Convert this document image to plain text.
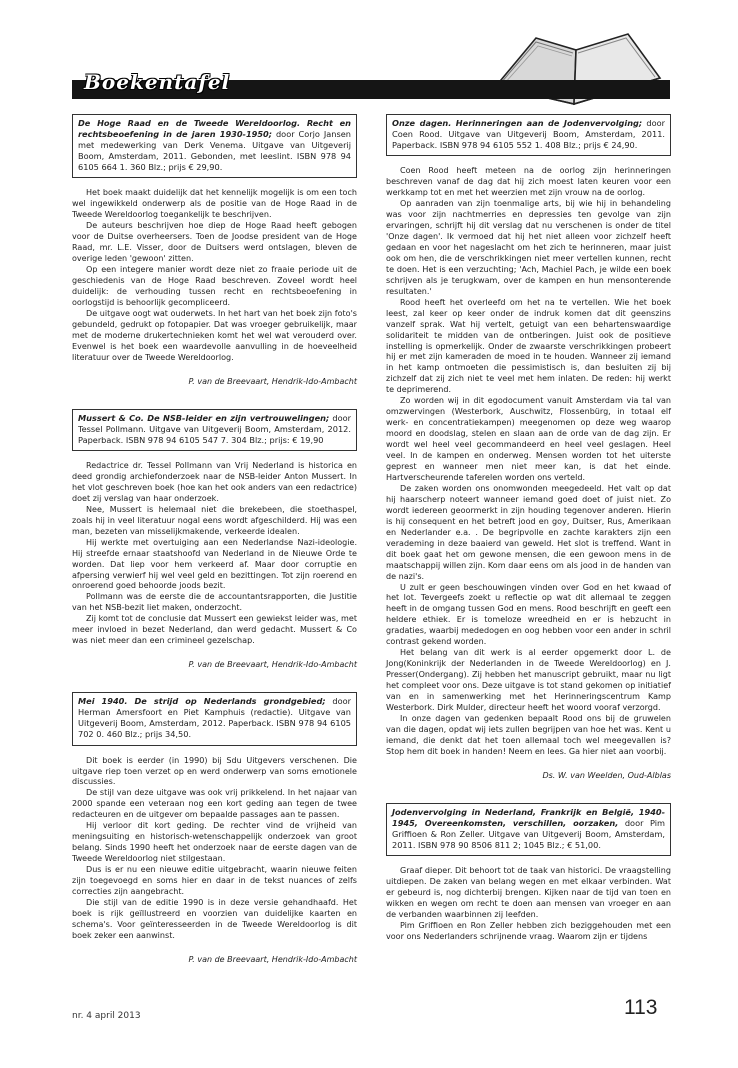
Boekentafel
De Hoge Raad en de Tweede Wereldoorlog. Recht en rechtsbeoefening in de jaren 1930-1950; door Corjo Jansen met medewerking van Derk Venema. Uitgave van Uitgeverij Boom, Amsterdam, 2011. Gebonden, met leeslint. ISBN 978 94 6105 664 1. 360 Blz.; prijs € 29,90.

Het boek maakt duidelijk dat het kennelijk mogelijk is om een toch wel ingewikkeld onderwerp als de positie van de Hoge Raad in de Tweede Wereldoorlog toegankelijk te beschrijven.

De auteurs beschrijven hoe diep de Hoge Raad heeft gebogen voor de Duitse overheersers. Toen de Joodse president van de Hoge Raad, mr. L.E. Visser, door de Duitsers werd ontslagen, bleven de overige leden 'gewoon' zitten.

Op een integere manier wordt deze niet zo fraaie periode uit de geschiedenis van de Hoge Raad beschreven. Zoveel wordt heel duidelijk: de verhouding tussen recht en rechtsbeoefening in oorlogstijd is behoorlijk gecompliceerd.

De uitgave oogt wat ouderwets. In het hart van het boek zijn foto's gebundeld, gedrukt op fotopapier. Dat was vroeger gebruikelijk, maar met de moderne drukertechnieken komt het wel wat verouderd over. Evenwel is het boek een waardevolle aanvulling in de hoeveelheid literatuur over de Tweede Wereldoorlog.

P. van de Breevaart, Hendrik-Ido-Ambacht
Mussert & Co. De NSB-leider en zijn vertrouwelingen; door Tessel Pollmann. Uitgave van Uitgeverij Boom, Amsterdam, 2012. Paperback. ISBN 978 94 6105 547 7. 304 Blz.; prijs: € 19,90

Redactrice dr. Tessel Pollmann van Vrij Nederland is historica en deed grondig archiefonderzoek naar de NSB-leider Anton Mussert. In het vlot geschreven boek (hoe kan het ook anders van een redactrice) doet zij verslag van haar onderzoek.

Nee, Mussert is helemaal niet die brekebeen, die stoethaspel, zoals hij in veel literatuur nogal eens wordt afgeschilderd. Hij was een man, bezeten van misselijkmakende, verkeerde idealen.

Hij werkte met overtuiging aan een Nederlandse Nazi-ideologie. Hij streefde ernaar staatshoofd van Nederland in de Nieuwe Orde te worden. Dat liep voor hem verkeerd af. Maar door corruptie en afpersing verwierf hij wel veel geld en bezittingen. Tot zijn roerend en onroerend goed behoorde joods bezit.

Pollmann was de eerste die de accountantsrapporten, die Justitie van het NSB-bezit liet maken, onderzocht.

Zij komt tot de conclusie dat Mussert een gewiekst leider was, met meer invloed in bezet Nederland, dan werd gedacht. Mussert & Co was niet meer dan een crimineel gezelschap.

P. van de Breevaart, Hendrik-Ido-Ambacht
Mei 1940. De strijd op Nederlands grondgebied; door Herman Amersfoort en Piet Kamphuis (redactie). Uitgave van Uitgeverij Boom, Amsterdam, 2012. Paperback. ISBN 978 94 6105 702 0. 460 Blz.; prijs 34,50.

Dit boek is eerder (in 1990) bij Sdu Uitgevers verschenen. Die uitgave riep toen verzet op en werd onderwerp van soms emotionele discussies.

De stijl van deze uitgave was ook vrij prikkelend. In het najaar van 2000 spande een veteraan nog een kort geding aan tegen de twee redacteuren en de uitgever om bepaalde passages aan te passen.

Hij verloor dit kort geding. De rechter vind de vrijheid van meningsuiting en historisch-wetenschappelijk onderzoek van groot belang. Sinds 1990 heeft het onderzoek naar de eerste dagen van de Tweede Wereldoorlog niet stilgestaan.

Dus is er nu een nieuwe editie uitgebracht, waarin nieuwe feiten zijn toegevoegd en soms hier en daar in de tekst nuances of zelfs correcties zijn aangebracht.

Die stijl van de editie 1990 is in deze versie gehandhaafd. Het boek is rijk geïllustreerd en voorzien van duidelijke kaarten en schema's. Voor geïnteresseerden in de Tweede Wereldoorlog is dit boek zeker een aanwinst.

P. van de Breevaart, Hendrik-Ido-Ambacht
Onze dagen. Herinneringen aan de Jodenvervolging; door Coen Rood. Uitgave van Uitgeverij Boom, Amsterdam, 2011. Paperback. ISBN 978 94 6105 552 1. 408 Blz.; prijs € 24,90.

Coen Rood heeft meteen na de oorlog zijn herinneringen beschreven vanaf de dag dat hij zich moest laten keuren voor een werkkamp tot en met het weerzien met zijn vrouw na de oorlog.

Op aanraden van zijn toenmalige arts, bij wie hij in behandeling was voor zijn nachtmerries en depressies ten gevolge van zijn ervaringen, schrijft hij dit verslag dat nu verschenen is onder de titel 'Onze dagen'. Ik vermoed dat hij het niet alleen voor zichzelf heeft gedaan en voor het nageslacht om het zich te herinneren, maar juist ook om hen, die de verschrikkingen niet meer vertellen kunnen, recht te doen. Het is een verzuchting; 'Ach, Machiel Pach, je wilde een boek schrijven als je terugkwam, over de kampen en hun mensonterende resultaten.'

Rood heeft het overleefd om het na te vertellen. Wie het boek leest, zal keer op keer onder de indruk komen dat dit geenszins vanzelf sprak. Wat hij vertelt, getuigt van een behartenswaardige solidariteit te midden van de ontberingen. Juist ook de positieve instelling is opmerkelijk. Onder de zwaarste verschrikkingen probeert hij er met zijn kameraden de moed in te houden. Wanneer zij iemand in het kamp ontmoeten die pessimistisch is, dan besluiten zij bij zichzelf dat zij zich niet te veel met hem inlaten. De reden: hij werkt te deprimerend.

Zo worden wij in dit egodocument vanuit Amsterdam via tal van omzwervingen (Westerbork, Auschwitz, Flossenbürg, in totaal elf werk- en concentratiekampen) meegenomen op deze weg waarop moord en doodslag, stelen en slaan aan de orde van de dag zijn. Er wordt wel heel veel gecommandeerd en heel veel geslagen. Heel veel. In de kampen en onderweg. Mensen worden tot het uiterste geprest en wanneer men niet meer kan, is dat het einde. Hartverscheurende taferelen worden ons verteld.

De zaken worden ons onomwonden meegedeeld. Het valt op dat hij haarscherp noteert wanneer iemand goed doet of juist niet. Zo wordt iedereen geoormerkt in zijn houding tegenover anderen. Hierin is hij consequent en het betreft jood en goy, Duitser, Rus, Amerikaan en Nederlander e.a. . De begripvolle en zachte karakters zijn een verademing in deze baaierd van geweld. Het slot is treffend. Want in dit boek gaat het om gewone mensen, die een gewoon mens in de maatschappij willen zijn. Kom daar eens om als jood in de handen van de nazi's.

U zult er geen beschouwingen vinden over God en het kwaad of het lot. Tevergeefs zoekt u reflectie op wat dit allemaal te zeggen heeft in de omgang tussen God en mens. Rood beschrijft en geeft een heldere ethiek. Er is tomeloze wreedheid en er is hebzucht in gradaties, waarbij mededogen en oog hebben voor een ander in schril contrast gekend worden.

Het belang van dit werk is al eerder opgemerkt door L. de Jong(Koninkrijk der Nederlanden in de Tweede Wereldoorlog) en J. Presser(Ondergang). Zij hebben het manuscript gebruikt, maar nu ligt het compleet voor ons. Deze uitgave is tot stand gekomen op initiatief van en in samenwerking met het Herinneringscentrum Kamp Westerbork. Dirk Mulder, directeur heeft het woord vooraf verzorgd.

In onze dagen van gedenken bepaalt Rood ons bij de gruwelen van die dagen, opdat wij iets zullen begrijpen van hoe het was. Kent u iemand, die denkt dat het toen allemaal toch wel meegevallen is? Stop hem dit boek in handen! Neem en lees. Ga hier niet aan voorbij.

Ds. W. van Weelden, Oud-Alblas
Jodenvervolging in Nederland, Frankrijk en België, 1940-1945, Overeenkomsten, verschillen, oorzaken, door Pim Griffioen & Ron Zeller. Uitgave van Uitgeverij Boom, Amsterdam, 2011. ISBN 978 90 8506 811 2; 1045 Blz.; € 51,00.

Graaf dieper. Dit behoort tot de taak van historici. De vraagstelling uitdiepen. De zaken van belang wegen en met elkaar verbinden. Wat er gebeurd is, nog dichterbij brengen. Kijken naar de tijd van toen en wikken en wegen om recht te doen aan mensen van vroeger en aan de verbanden waarbinnen zij leefden.

Pim Griffioen en Ron Zeller hebben zich beziggehouden met een voor ons Nederlanders schrijnende vraag. Waarom zijn er tijdens

nr. 4 april 2013	113
